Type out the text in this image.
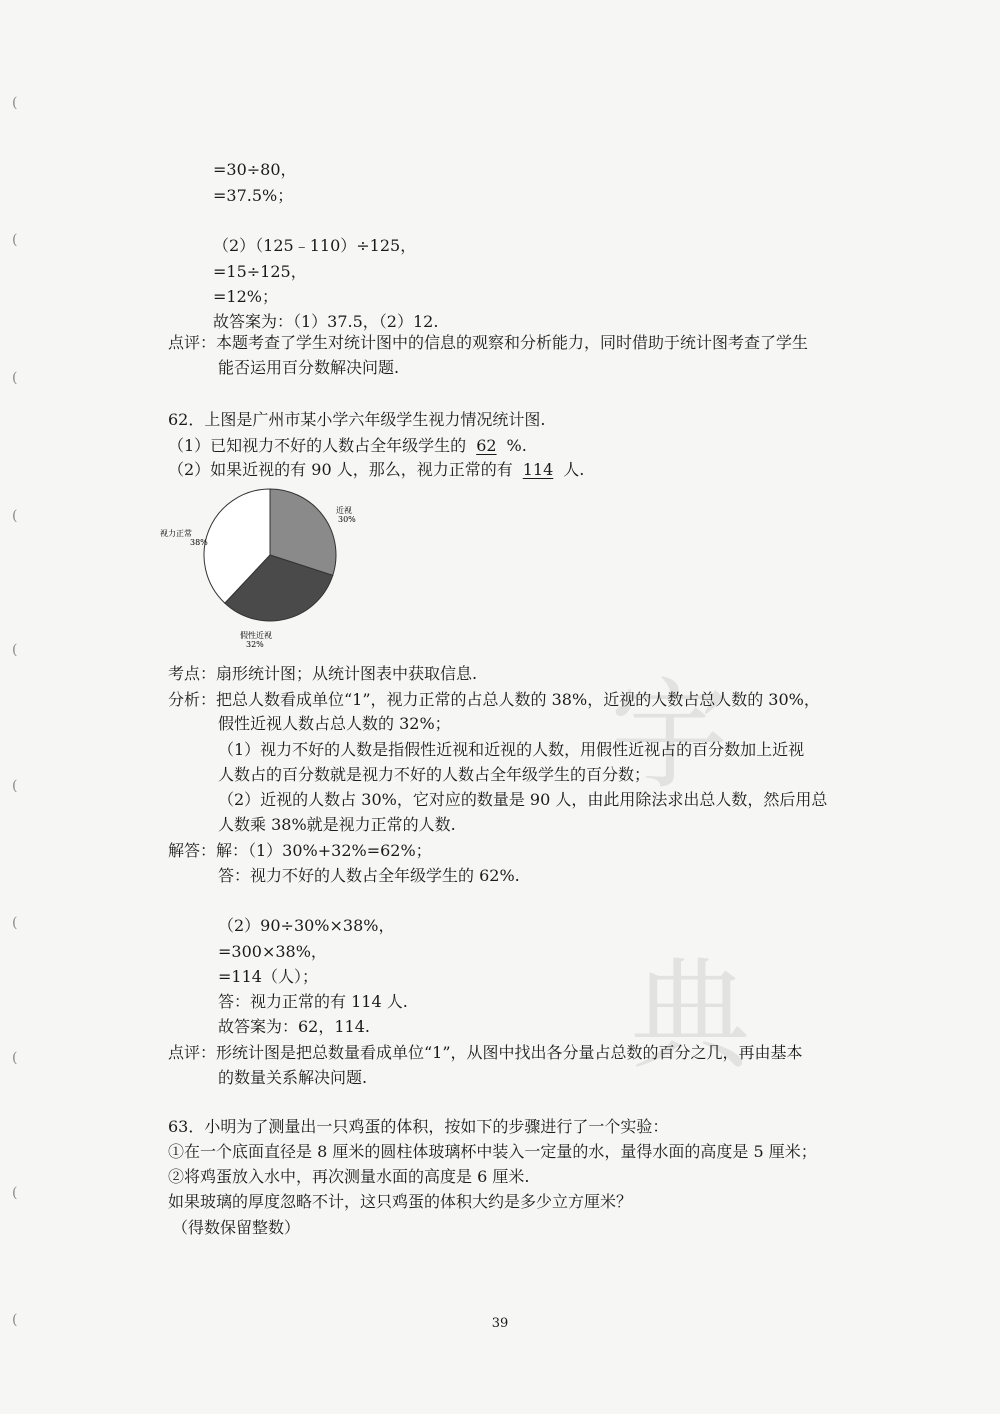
宇
典
(
(
(
(
(
(
(
(
(
(
=30÷80，
=37.5%；
（2）（125﹣110）÷125，
=15÷125，
=12%；
故答案为：（1）37.5，（2）12.
点评：本题考查了学生对统计图中的信息的观察和分析能力，同时借助于统计图考查了学生
能否运用百分数解决问题.
62．上图是广州市某小学六年级学生视力情况统计图.
（1）已知视力不好的人数占全年级学生的 62 %.
（2）如果近视的有 90 人，那么，视力正常的有 114 人.
近视
30%
假性近视
32%
视力正常
38%
考点：扇形统计图；从统计图表中获取信息.
分析：把总人数看成单位“1”，视力正常的占总人数的 38%，近视的人数占总人数的 30%，
假性近视人数占总人数的 32%；
（1）视力不好的人数是指假性近视和近视的人数，用假性近视占的百分数加上近视
人数占的百分数就是视力不好的人数占全年级学生的百分数；
（2）近视的人数占 30%，它对应的数量是 90 人，由此用除法求出总人数，然后用总
人数乘 38%就是视力正常的人数.
解答：解：（1）30%+32%=62%；
答：视力不好的人数占全年级学生的 62%.
（2）90÷30%×38%，
=300×38%，
=114（人）；
答：视力正常的有 114 人.
故答案为：62，114.
点评：形统计图是把总数量看成单位“1”，从图中找出各分量占总数的百分之几，再由基本
的数量关系解决问题.
63．小明为了测量出一只鸡蛋的体积，按如下的步骤进行了一个实验：
①在一个底面直径是 8 厘米的圆柱体玻璃杯中装入一定量的水，量得水面的高度是 5 厘米；
②将鸡蛋放入水中，再次测量水面的高度是 6 厘米.
如果玻璃的厚度忽略不计，这只鸡蛋的体积大约是多少立方厘米？
（得数保留整数）
39
